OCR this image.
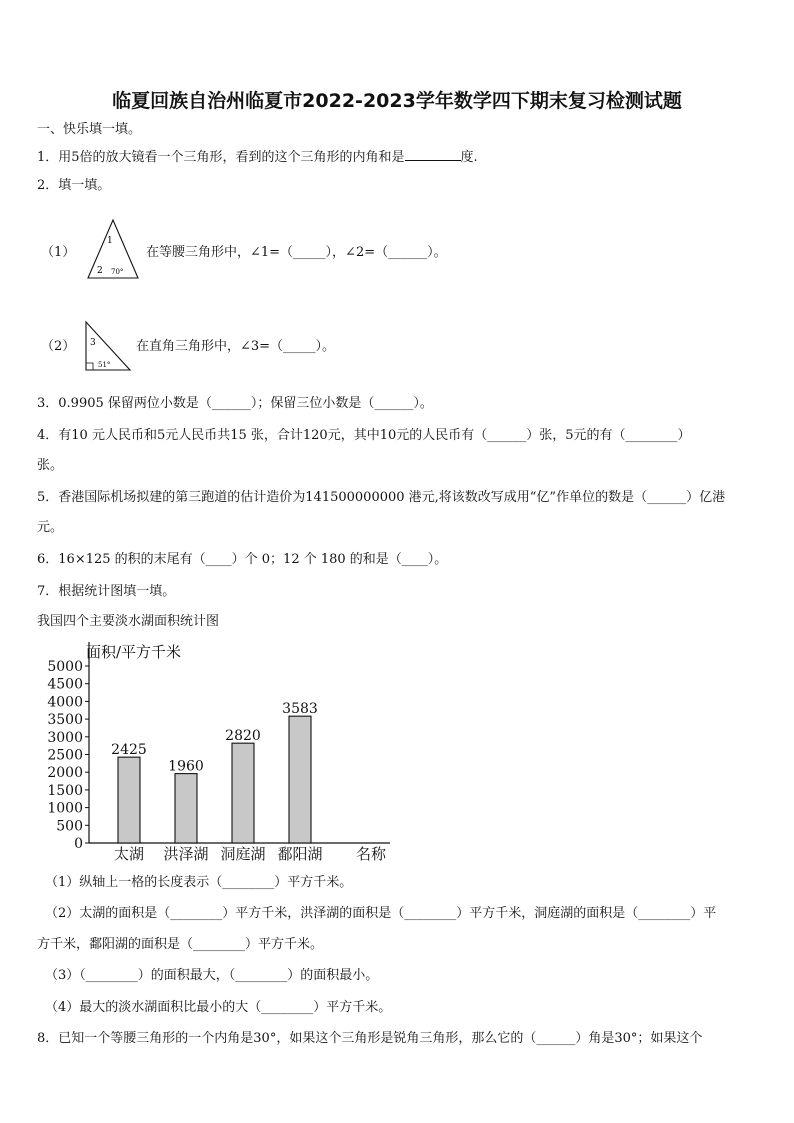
临夏回族自治州临夏市2022-2023学年数学四下期末复习检测试题
一、快乐填一填。
1．用5倍的放大镜看一个三角形，看到的这个三角形的内角和是	度.
2．填一填。
1
2 70°
（1）	在等腰三角形中，∠1=（_____），∠2=（______）。
3
51°
（2）	在直角三角形中，∠3=（_____）。
3．0.9905 保留两位小数是（______）；保留三位小数是（______）。
4．有10 元人民币和5元人民币共15 张，合计120元，其中10元的人民币有（______）张，5元的有（________）
张。
5．香港国际机场拟建的第三跑道的估计造价为141500000000 港元,将该数改写成用“亿”作单位的数是（______）亿港
元。
6．16×125 的积的末尾有（____）个 0；12 个 180 的和是（____）。
7．根据统计图填一填。
我国四个主要淡水湖面积统计图
面积/平方千米
名称
0
500
1000
1500
2000
2500
3000
3500
4000
4500
5000
2425
1960
2820
3583
太湖 洪泽湖 洞庭湖 鄱阳湖
（1）纵轴上一格的长度表示（________）平方千米。
（2）太湖的面积是（________）平方千米，洪泽湖的面积是（________）平方千米，洞庭湖的面积是（________）平
方千米，鄱阳湖的面积是（________）平方千米。
（3）（________）的面积最大，（________）的面积最小。
（4）最大的淡水湖面积比最小的大（________）平方千米。
8．已知一个等腰三角形的一个内角是30°，如果这个三角形是锐角三角形，那么它的（______）角是30°；如果这个
